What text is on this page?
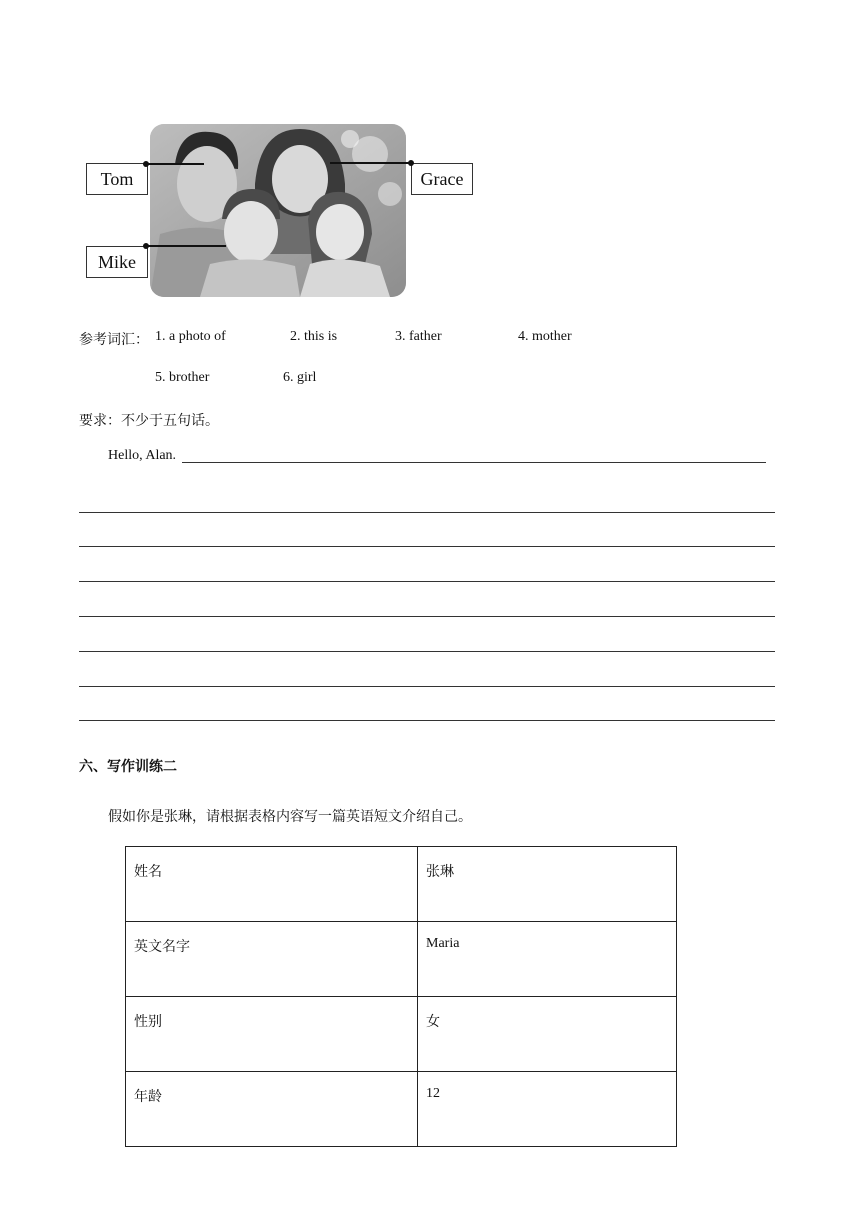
Tom
Mike
Grace
参考词汇： 1. a photo of	2. this is	3. father	4. mother
5. brother	6. girl
要求：不少于五句话。
Hello, Alan.
六、写作训练二
假如你是张琳，请根据表格内容写一篇英语短文介绍自己。
姓名	张琳
英文名字	Maria
性别	女
年龄	12
